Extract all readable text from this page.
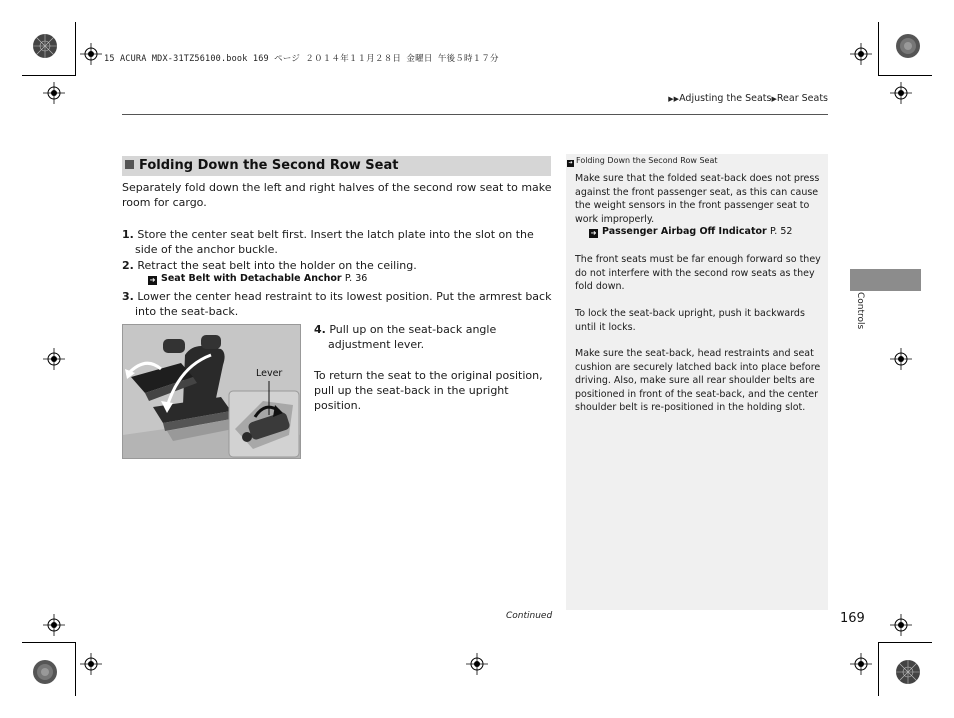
15 ACURA MDX-31TZ56100.book 169 ページ ２０１４年１１月２８日 金曜日 午後５時１７分
▶▶Adjusting the Seats▶Rear Seats
Folding Down the Second Row Seat
Separately fold down the left and right halves of the second row seat to make room for cargo.
1. Store the center seat belt first. Insert the latch plate into the slot on the side of the anchor buckle.
2. Retract the seat belt into the holder on the ceiling.
➜ Seat Belt with Detachable Anchor P. 36
3. Lower the center head restraint to its lowest position. Put the armrest back into the seat-back.
Lever
4. Pull up on the seat-back angle adjustment lever.
To return the seat to the original position, pull up the seat-back in the upright position.
➜ Folding Down the Second Row Seat
Make sure that the folded seat-back does not press against the front passenger seat, as this can cause the weight sensors in the front passenger seat to work improperly.
➜ Passenger Airbag Off Indicator P. 52
The front seats must be far enough forward so they do not interfere with the second row seats as they fold down.
To lock the seat-back upright, push it backwards until it locks.
Make sure the seat-back, head restraints and seat cushion are securely latched back into place before driving. Also, make sure all rear shoulder belts are positioned in front of the seat-back, and the center shoulder belt is re-positioned in the holding slot.
Controls
Continued	169
